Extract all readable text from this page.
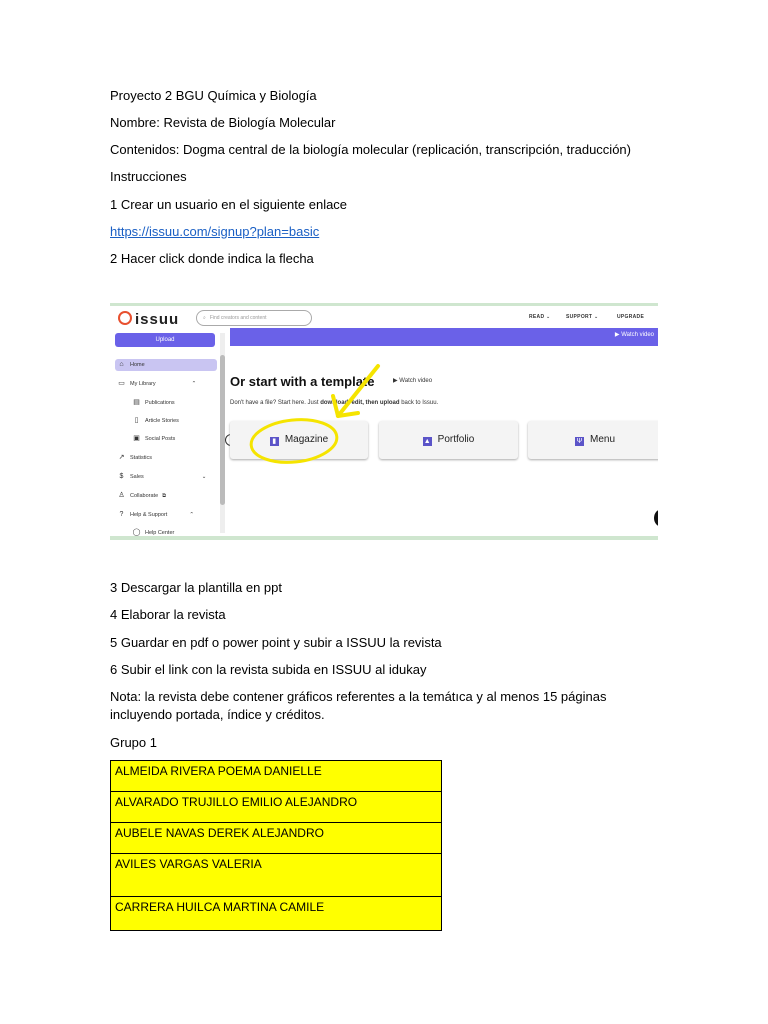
Proyecto 2 BGU Química y Biología
Nombre: Revista de Biología Molecular
Contenidos: Dogma central de la biología molecular (replicación, transcripción, traducción)
Instrucciones
1 Crear un usuario en el siguiente enlace
https://issuu.com/signup?plan=basic
2 Hacer click donde indica la flecha
issuu	⌕ Find creators and content	READ ⌄	SUPPORT ⌄	UPGRADE
Upload
⌂ Home
▭ My Library	⌃
▤ Publications
▯ Article Stories
▣ Social Posts
↗ Statistics
$ Sales	⌄
♙ Collaborate ⧉
? Help & Support	⌃
◯ Help Center
▶ Watch video
Or start with a template	▶ Watch video
Don't have a file? Start here. Just download, edit, then upload back to Issuu.
▮ Magazine	▲ Portfolio	Ψ Menu
3 Descargar la plantilla en ppt
4 Elaborar la revista
5 Guardar en pdf o power point y subir a ISSUU la revista
6 Subir el link con la revista subida en ISSUU al idukay
Nota: la revista debe contener gráficos referentes a la temátıca y al menos 15 páginas incluyendo portada, índice y créditos.
Grupo 1
ALMEIDA RIVERA POEMA DANIELLE
ALVARADO TRUJILLO EMILIO ALEJANDRO
AUBELE NAVAS DEREK ALEJANDRO
AVILES VARGAS VALERIA
CARRERA HUILCA MARTINA CAMILE
